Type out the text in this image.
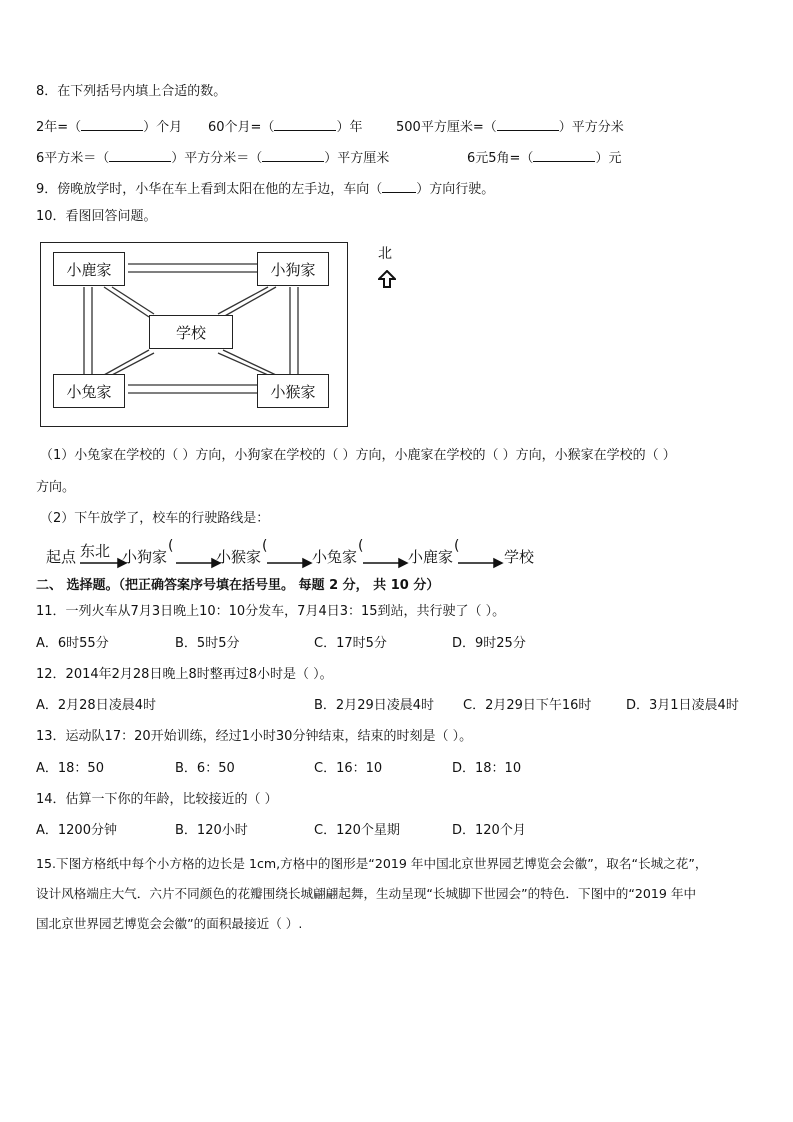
8．在下列括号内填上合适的数。
2年=（	）个月 60个月=（	）年	500平方厘米=（	）平方分米
6平方米＝（	）平方分米＝（	）平方厘米	6元5角=（	）元
9．傍晚放学时，小华在车上看到太阳在他的左手边，车向（	）方向行驶。
10．看图回答问题。
小鹿家	小狗家
学校
小兔家	小猴家
北
（1）小兔家在学校的（ ）方向，小狗家在学校的（ ）方向，小鹿家在学校的（ ）方向，小猴家在学校的（ ）
方向。
（2）下午放学了，校车的行驶路线是：
起点 东北 小狗家
(
小猴家
(
小兔家
(
小鹿家
(
学校
二、 选择题。（把正确答案序号填在括号里。 每题 2 分， 共 10 分）
11．一列火车从7月3日晚上10：10分发车，7月4日3：15到站，共行驶了（ ）。
A．6时55分	B．5时5分	C．17时5分	D．9时25分
12．2014年2月28日晚上8时整再过8小时是（ ）。
A．2月28日凌晨4时	B．2月29日凌晨4时 C．2月29日下午16时	D．3月1日凌晨4时
13．运动队17：20开始训练，经过1小时30分钟结束，结束的时刻是（ ）。
A．18：50	B．6：50	C．16：10	D．18：10
14．估算一下你的年龄，比较接近的（ ）
A．1200分钟	B．120小时	C．120个星期	D．120个月
15.下图方格纸中每个小方格的边长是 1cm,方格中的图形是“2019 年中国北京世界园艺博览会会徽”，取名“长城之花”，
设计风格端庄大气．六片不同颜色的花瓣围绕长城翩翩起舞，生动呈现“长城脚下世园会”的特色．下图中的“2019 年中
国北京世界园艺博览会会徽”的面积最接近（ ）.
